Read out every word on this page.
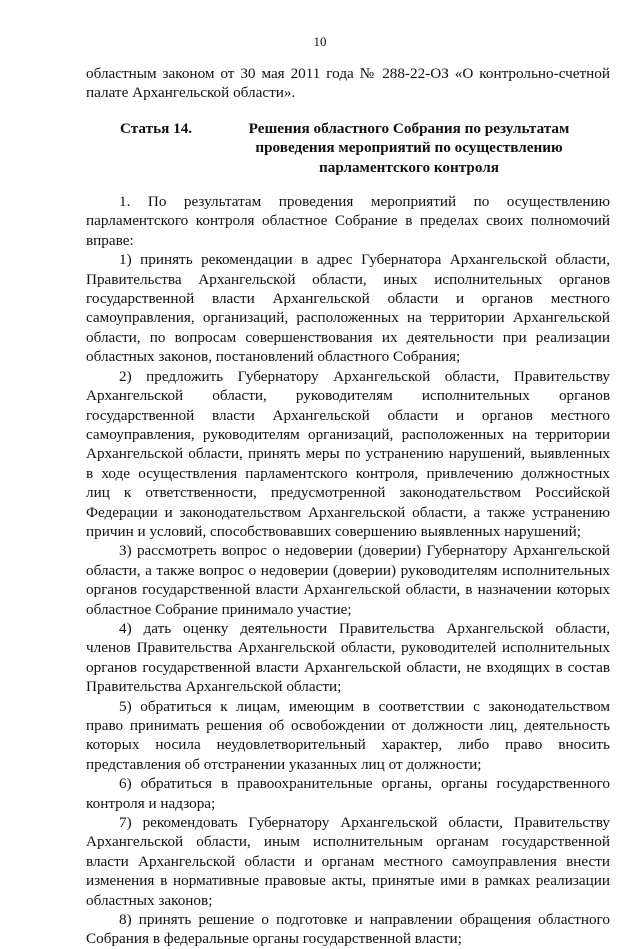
10

областным законом от 30 мая 2011 года № 288-22-ОЗ «О контрольно-счетной палате Архангельской области».

Статья 14.	Решения областного Собрания по результатам проведения мероприятий по осуществлению парламентского контроля

1. По результатам проведения мероприятий по осуществлению парламентского контроля областное Собрание в пределах своих полномочий вправе:

1) принять рекомендации в адрес Губернатора Архангельской области, Правительства Архангельской области, иных исполнительных органов государственной власти Архангельской области и органов местного самоуправления, организаций, расположенных на территории Архангельской области, по вопросам совершенствования их деятельности при реализации областных законов, постановлений областного Собрания;

2) предложить Губернатору Архангельской области, Правительству Архангельской области, руководителям исполнительных органов государственной власти Архангельской области и органов местного самоуправления, руководителям организаций, расположенных на территории Архангельской области, принять меры по устранению нарушений, выявленных в ходе осуществления парламентского контроля, привлечению должностных лиц к ответственности, предусмотренной законодательством Российской Федерации и законодательством Архангельской области, а также устранению причин и условий, способствовавших совершению выявленных нарушений;

3) рассмотреть вопрос о недоверии (доверии) Губернатору Архангельской области, а также вопрос о недоверии (доверии) руководителям исполнительных органов государственной власти Архангельской области, в назначении которых областное Собрание принимало участие;

4) дать оценку деятельности Правительства Архангельской области, членов Правительства Архангельской области, руководителей исполнительных органов государственной власти Архангельской области, не входящих в состав Правительства Архангельской области;

5) обратиться к лицам, имеющим в соответствии с законодательством право принимать решения об освобождении от должности лиц, деятельность которых носила неудовлетворительный характер, либо право вносить представления об отстранении указанных лиц от должности;

6) обратиться в правоохранительные органы, органы государственного контроля и надзора;

7) рекомендовать Губернатору Архангельской области, Правительству Архангельской области, иным исполнительным органам государственной власти Архангельской области и органам местного самоуправления внести изменения в нормативные правовые акты, принятые ими в рамках реализации областных законов;

8) принять решение о подготовке и направлении обращения областного Собрания в федеральные органы государственной власти;
